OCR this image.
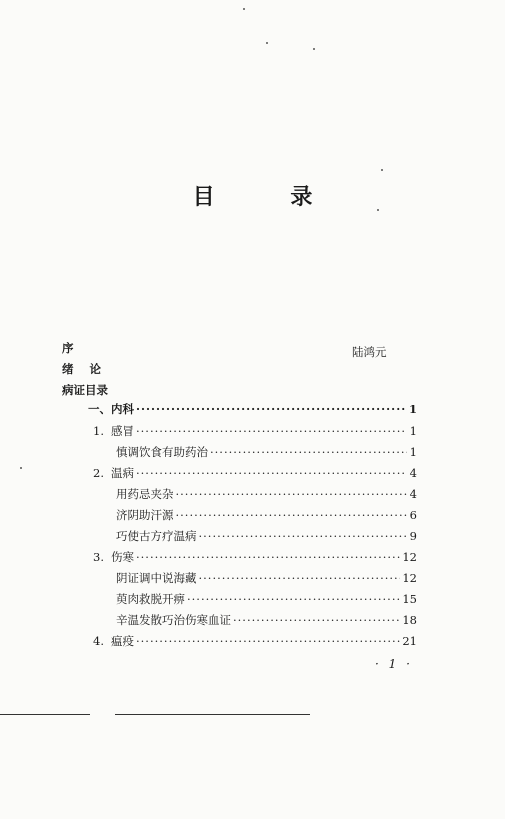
目 录
序	陆鸿元
绪 论
病证目录
一、 内科 ·····	1
1. 感冒 ·····	1
慎调饮食有助药治 ·····	1
2. 温病 ·····	4
用药忌夹杂 ·····	4
济阴助汗源 ·····	6
巧使古方疗温病 ·····	9
3. 伤寒 ·····	12
阴证调中说海藏 ·····	12
萸肉救脱开痹 ·····	15
辛温发散巧治伤寒血证 ·····	18
4. 瘟疫 ·····	21
· 1 ·
